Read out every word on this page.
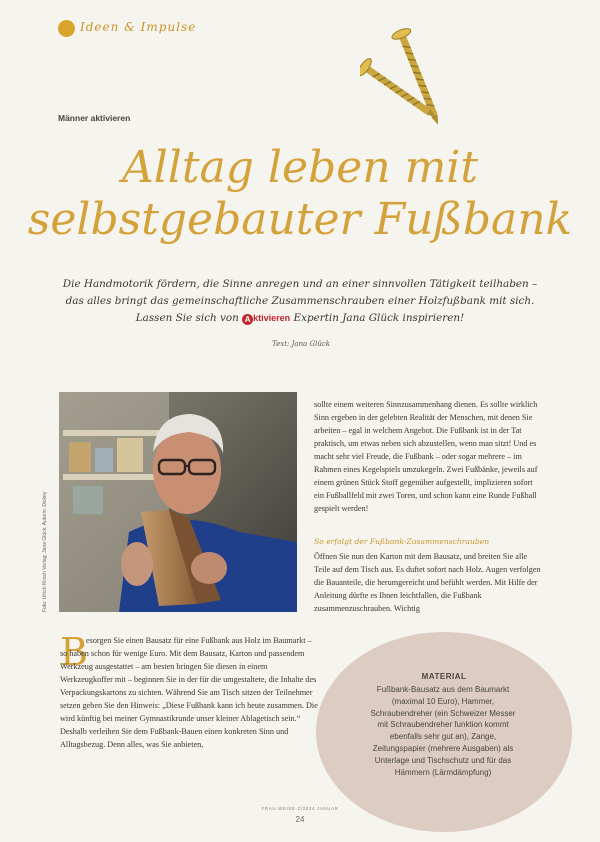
Ideen & Impulse
Männer aktivieren
Alltag leben mit
selbstgebauter Fußbank
Die Handmotorik fördern, die Sinne anregen und an einer sinnvollen Tätigkeit teilhaben – das alles bringt das gemeinschaftliche Zusammenschrauben einer Holzfußbank mit sich. Lassen Sie sich von A ktivieren Expertin Jana Glück inspirieren!
Text: Jana Glück
Foto: Ulrich Kirsch Verlag; Jana Glück; Autorin: Dickey

sollte einem weiteren Sinnzusammenhang dienen. Es sollte wirklich Sinn ergeben in der gelebten Realität der Menschen, mit denen Sie arbeiten – egal in welchem Angebot. Die Fußbank ist in der Tat praktisch, um etwas neben sich abzustellen, wenn man sitzt! Und es macht sehr viel Freude, die Fußbank – oder sogar mehrere – im Rahmen eines Kegelspiels umzukegeln. Zwei Fußbänke, jeweils auf einem grünen Stück Stoff gegenüber aufgestellt, implizieren sofort ein Fußballfeld mit zwei Toren, und schon kann eine Runde Fußball gespielt werden!

So erfolgt der Fußbank-Zusammenschrauben

Öffnen Sie nun den Karton mit dem Bausatz, und breiten Sie alle Teile auf dem Tisch aus. Es duftet sofort nach Holz. Augen verfolgen die Bauanteile, die herumgereicht und befühlt werden. Mit Hilfe der Anleitung dürfte es Ihnen leichtfallen, die Fußbank zusammenzuschrauben. Wichtig

B

esorgen Sie einen Bausatz für eine Fußbank aus Holz im Baumarkt – so haben schon für wenige Euro. Mit dem Bausatz, Karton und passendem Werkzeug ausgestattet – am besten bringen Sie diesen in einem Werkzeugkoffer mit – beginnen Sie in der für die umgestaltete, die Inhalte des Verpackungskartons zu sichten. Während Sie am Tisch sitzen der Teilnehmer setzen geben Sie den Hinweis: „Diese Fußbank kann ich heute zusammen. Die wird künftig bei meiner Gymnastikrunde unser kleiner Ablagetisch sein.“ Deshalb verleihen Sie dem Fußbank-Bauen einen konkreten Sinn und Alltagsbezug. Denn alles, was Sie anbieten,

MATERIAL
Fußbank-Bausatz aus dem Baumarkt (maximal 10 Euro), Hammer, Schraubendreher (ein Schweizer Messer mit Schraubendreher funktion kommt ebenfalls sehr gut an), Zange, Zeitungspapier (mehrere Ausgaben) als Unterlage und Tischschutz und für das Hämmern (Lärmdämpfung)
FRAU WEISE-2/2024 JANUAR
24
